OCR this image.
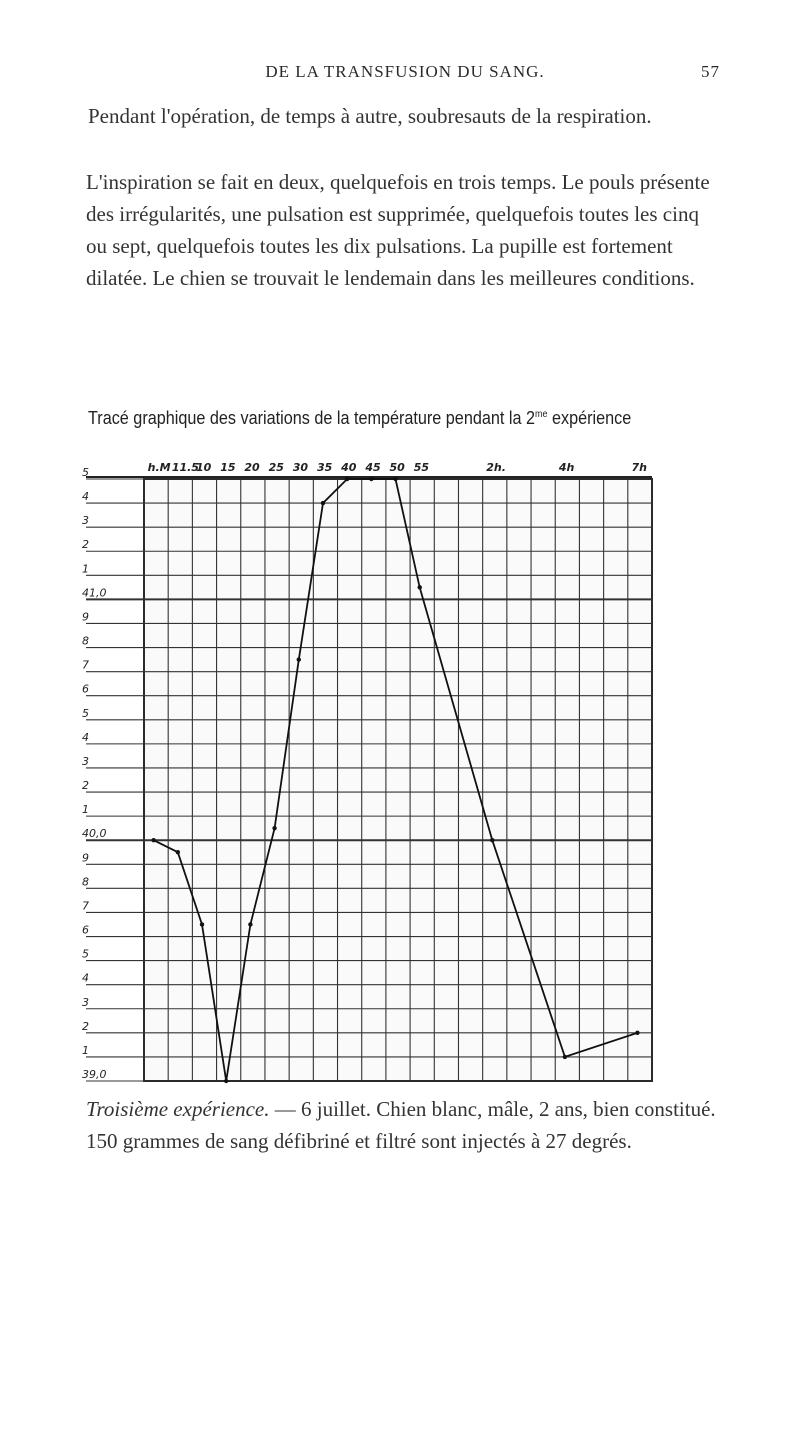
DE LA TRANSFUSION DU SANG.	57
Pendant l'opération, de temps à autre, soubresauts de la respiration.
L'inspiration se fait en deux, quelquefois en trois temps. Le pouls présente des irrégularités, une pulsation est supprimée, quelquefois toutes les cinq ou sept, quelquefois toutes les dix pulsations. La pupille est fortement dilatée. Le chien se trouvait le lendemain dans les meilleures conditions.
Tracé graphique des variations de la température pendant la $2^{me}$ expérience
5
4
3
2
1
41,0
9
8
7
6
5
4
3
2
1
40,0
9
8
7
6
5
4
3
2
1
39,0
h.M 11.5
10 15 20 25 30 35 40 45 50 55	2h.	4h	7h
Troisième expérience. — 6 juillet. Chien blanc, mâle, 2 ans, bien constitué. 150 grammes de sang défibriné et filtré sont injectés à 27 degrés.
